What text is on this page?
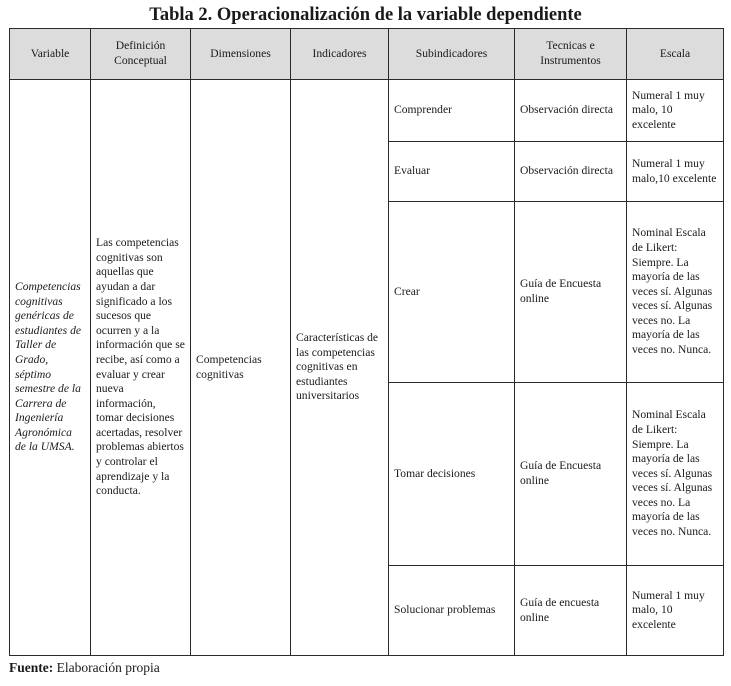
Tabla 2. Operacionalización de la variable dependiente
Variable	Definición Conceptual	Dimensiones	Indicadores	Subindicadores	Tecnicas e Instrumentos	Escala
Competencias cognitivas genéricas de estudiantes de Taller de Grado, séptimo semestre de la Carrera de Ingeniería Agronómica de la UMSA.	Las competencias cognitivas son aquellas que ayudan a dar significado a los sucesos que ocurren y a la información que se recibe, así como a evaluar y crear nueva información, tomar decisiones acertadas, resolver problemas abiertos y controlar el aprendizaje y la conducta.	Competencias cognitivas	Características de las competencias cognitivas en estudiantes universitarios	Comprender	Observación directa	Numeral 1 muy malo, 10 excelente
				Evaluar	Observación directa	Numeral 1 muy malo,10 excelente
				Crear	Guía de Encuesta online	Nominal Escala de Likert: Siempre. La mayoría de las veces sí. Algunas veces sí. Algunas veces no. La mayoría de las veces no. Nunca.
				Tomar decisiones	Guía de Encuesta online	Nominal Escala de Likert: Siempre. La mayoría de las veces sí. Algunas veces sí. Algunas veces no. La mayoría de las veces no. Nunca.
				Solucionar problemas	Guía de encuesta online	Numeral 1 muy malo, 10 excelente
Fuente: Elaboración propia
